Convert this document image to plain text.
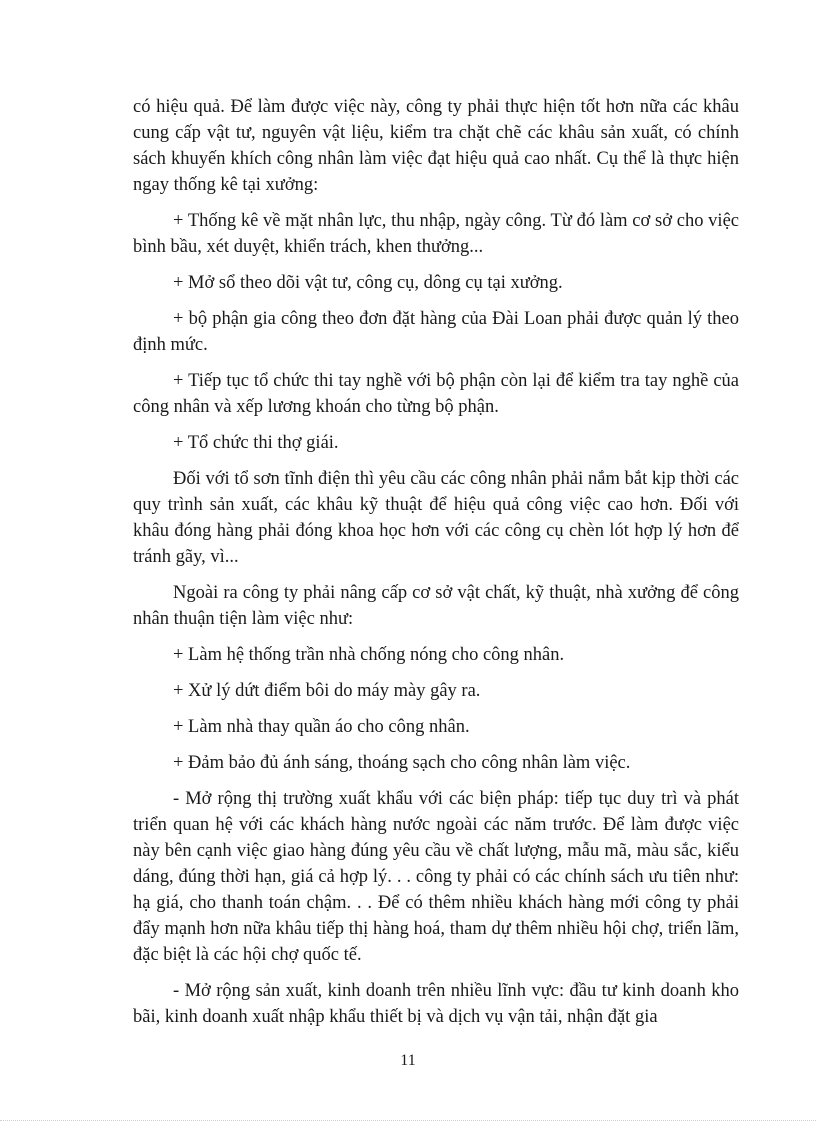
có hiệu quả. Để làm được việc này, công ty phải thực hiện tốt hơn nữa các khâu cung cấp vật tư, nguyên vật liệu, kiểm tra chặt chẽ các khâu sản xuất, có chính sách khuyến khích công nhân làm việc đạt hiệu quả cao nhất. Cụ thể là thực hiện ngay thống kê tại xưởng:

+ Thống kê về mặt nhân lực, thu nhập, ngày công. Từ đó làm cơ sở cho việc bình bầu, xét duyệt, khiển trách, khen thưởng...

+ Mở sổ theo dõi vật tư, công cụ, dông cụ tại xưởng.

+ bộ phận gia công theo đơn đặt hàng của Đài Loan phải được quản lý theo định mức.

+ Tiếp tục tổ chức thi tay nghề với bộ phận còn lại để kiểm tra tay nghề của công nhân và xếp lương khoán cho từng bộ phận.

+ Tổ chức thi thợ giái.

Đối với tổ sơn tĩnh điện thì yêu cầu các công nhân phải nắm bắt kịp thời các quy trình sản xuất, các khâu kỹ thuật để hiệu quả công việc cao hơn. Đối với khâu đóng hàng phải đóng khoa học hơn với các công cụ chèn lót hợp lý hơn để tránh gãy, vì...

Ngoài ra công ty phải nâng cấp cơ sở vật chất, kỹ thuật, nhà xưởng để công nhân thuận tiện làm việc như:

+ Làm hệ thống trần nhà chống nóng cho công nhân.

+ Xử lý dứt điểm bôi do máy mày gây ra.

+ Làm nhà thay quần áo cho công nhân.

+ Đảm bảo đủ ánh sáng, thoáng sạch cho công nhân làm việc.

- Mở rộng thị trường xuất khẩu với các biện pháp: tiếp tục duy trì và phát triển quan hệ với các khách hàng nước ngoài các năm trước. Để làm được việc này bên cạnh việc giao hàng đúng yêu cầu về chất lượng, mẫu mã, màu sắc, kiểu dáng, đúng thời hạn, giá cả hợp lý. . . công ty phải có các chính sách ưu tiên như: hạ giá, cho thanh toán chậm. . . Để có thêm nhiều khách hàng mới công ty phải đẩy mạnh hơn nữa khâu tiếp thị hàng hoá, tham dự thêm nhiều hội chợ, triển lãm, đặc biệt là các hội chợ quốc tế.

- Mở rộng sản xuất, kinh doanh trên nhiều lĩnh vực: đầu tư kinh doanh kho bãi, kinh doanh xuất nhập khẩu thiết bị và dịch vụ vận tải, nhận đặt gia

11
